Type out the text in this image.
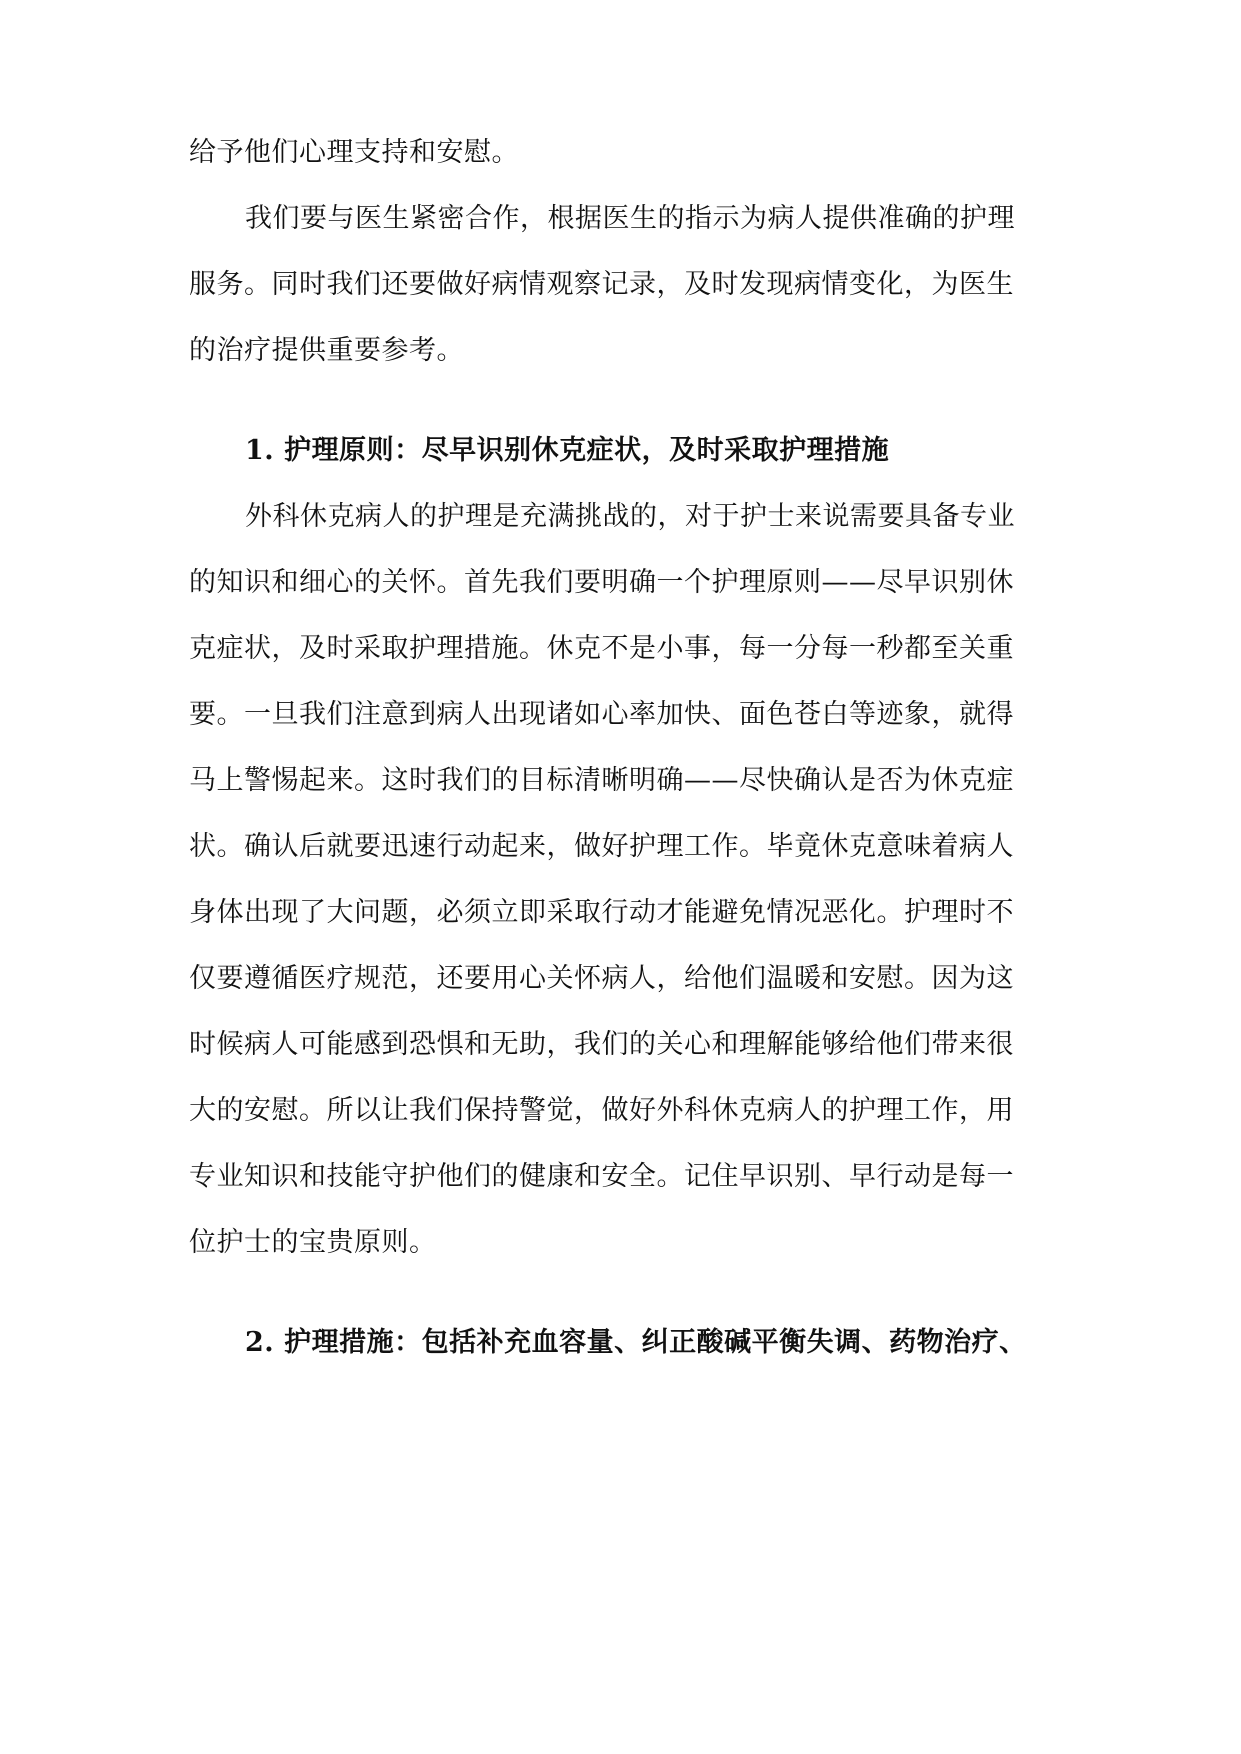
给予他们心理支持和安慰。
我们要与医生紧密合作，根据医生的指示为病人提供准确的护理
服务。同时我们还要做好病情观察记录，及时发现病情变化，为医生
的治疗提供重要参考。
1. 护理原则：尽早识别休克症状，及时采取护理措施
外科休克病人的护理是充满挑战的，对于护士来说需要具备专业
的知识和细心的关怀。首先我们要明确一个护理原则——尽早识别休
克症状，及时采取护理措施。休克不是小事，每一分每一秒都至关重
要。一旦我们注意到病人出现诸如心率加快、面色苍白等迹象，就得
马上警惕起来。这时我们的目标清晰明确——尽快确认是否为休克症
状。确认后就要迅速行动起来，做好护理工作。毕竟休克意味着病人
身体出现了大问题，必须立即采取行动才能避免情况恶化。护理时不
仅要遵循医疗规范，还要用心关怀病人，给他们温暖和安慰。因为这
时候病人可能感到恐惧和无助，我们的关心和理解能够给他们带来很
大的安慰。所以让我们保持警觉，做好外科休克病人的护理工作，用
专业知识和技能守护他们的健康和安全。记住早识别、早行动是每一
位护士的宝贵原则。
2. 护理措施：包括补充血容量、纠正酸碱平衡失调、药物治疗、
